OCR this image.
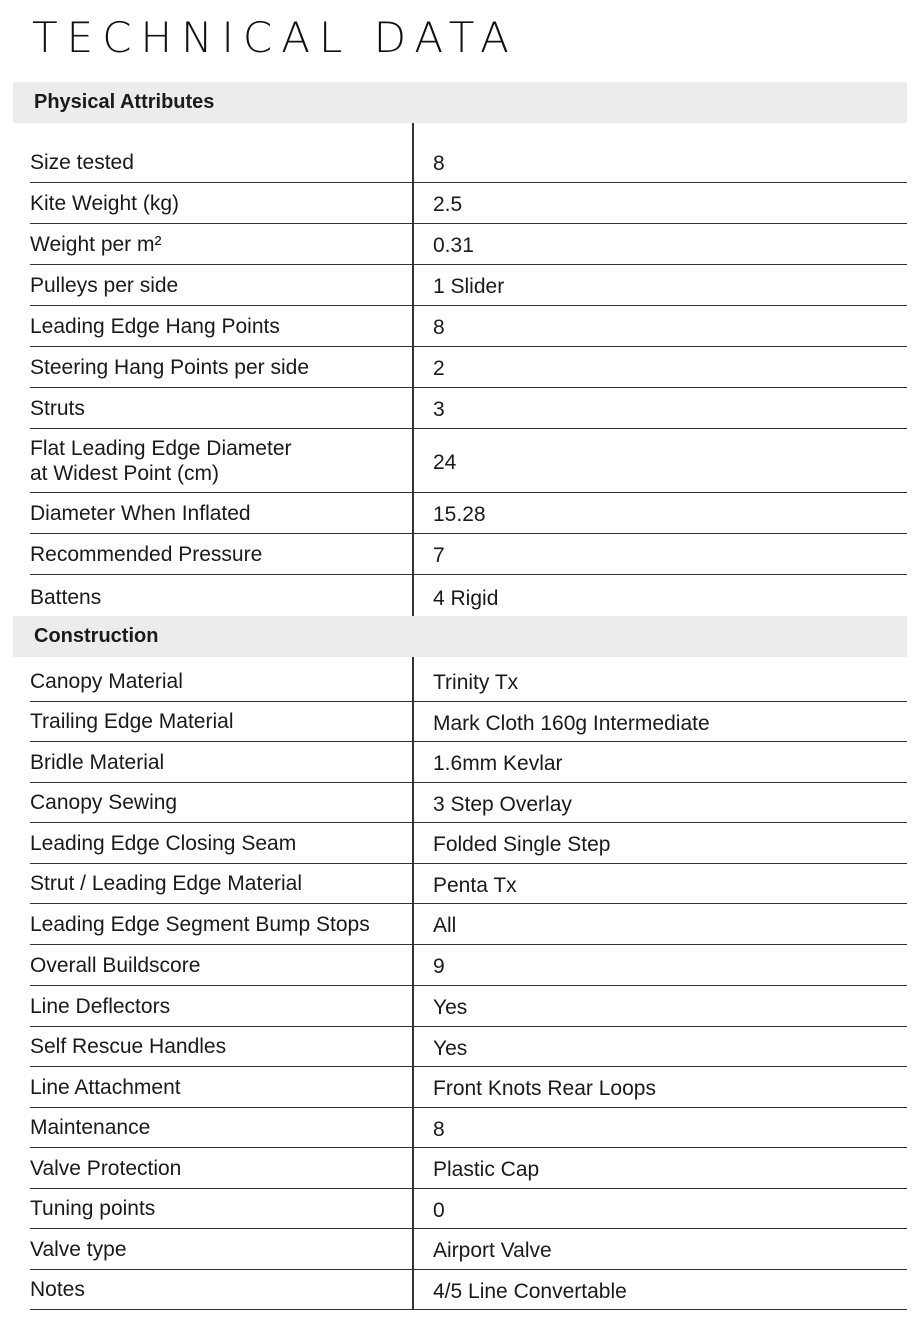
TECHNICAL DATA
Physical Attributes
Size tested	8
Kite Weight (kg)	2.5
Weight per m²	0.31
Pulleys per side	1 Slider
Leading Edge Hang Points	8
Steering Hang Points per side	2
Struts	3
Flat Leading Edge Diameter
at Widest Point (cm)	24
Diameter When Inflated	15.28
Recommended Pressure	7
Battens	4 Rigid
Construction
Canopy Material	Trinity Tx
Trailing Edge Material	Mark Cloth 160g Intermediate
Bridle Material	1.6mm Kevlar
Canopy Sewing	3 Step Overlay
Leading Edge Closing Seam	Folded Single Step
Strut / Leading Edge Material	Penta Tx
Leading Edge Segment Bump Stops	All
Overall Buildscore	9
Line Deflectors	Yes
Self Rescue Handles	Yes
Line Attachment	Front Knots Rear Loops
Maintenance	8
Valve Protection	Plastic Cap
Tuning points	0
Valve type	Airport Valve
Notes	4/5 Line Convertable
